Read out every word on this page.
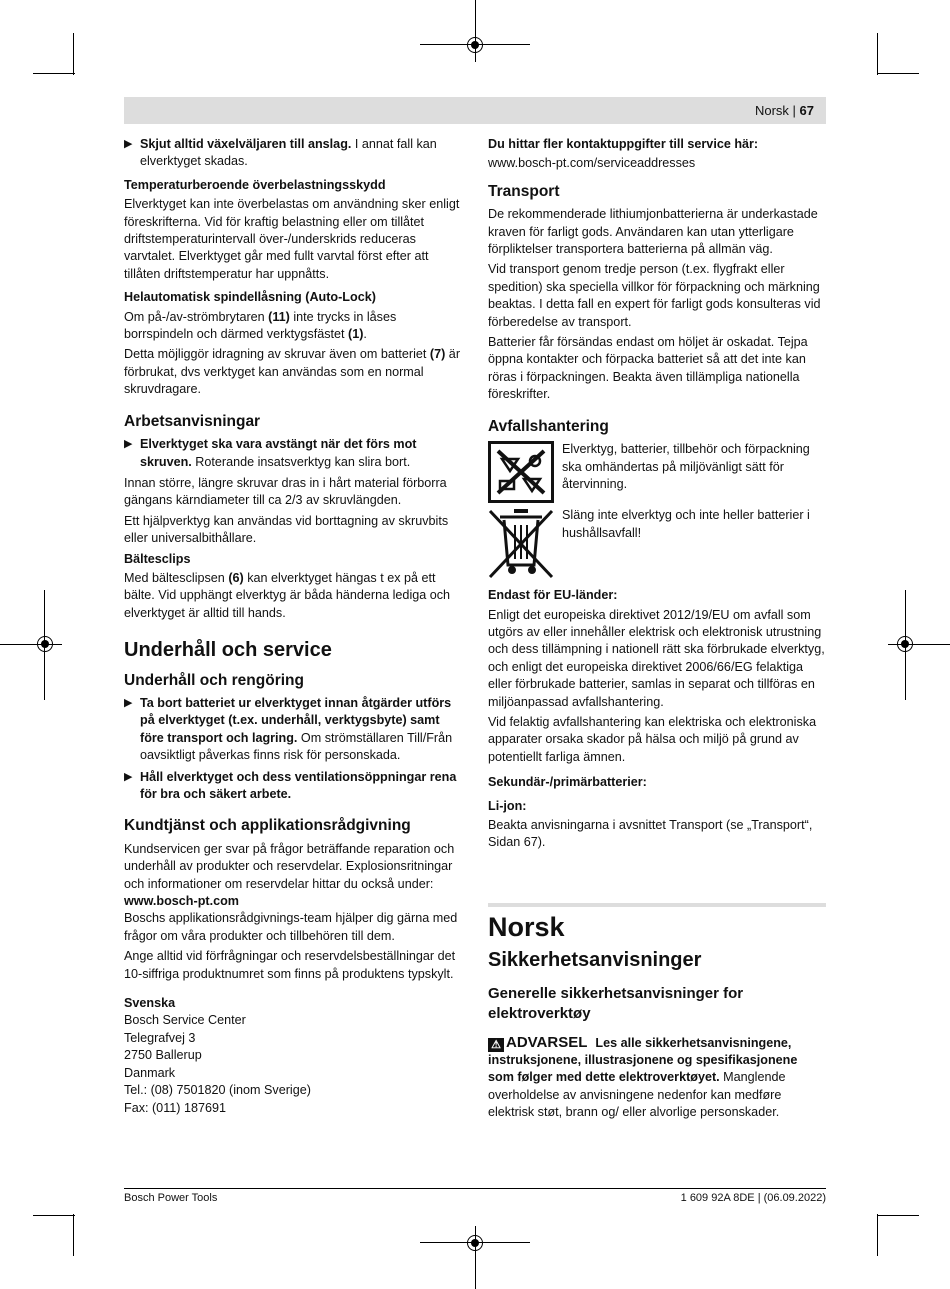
Norsk | 67
▶ Skjut alltid växelväljaren till anslag. I annat fall kan elverktyget skadas.
Temperaturberoende överbelastningsskydd

Elverktyget kan inte överbelastas om användning sker enligt föreskrifterna. Vid för kraftig belastning eller om tillåtet driftstemperaturintervall över-/underskrids reduceras varvtalet. Elverktyget går med fullt varvtal först efter att tillåten driftstemperatur har uppnåtts.

Helautomatisk spindellåsning (Auto-Lock)

Om på-/av-strömbrytaren (11) inte trycks in låses borrspindeln och därmed verktygsfästet (1).

Detta möjliggör idragning av skruvar även om batteriet (7) är förbrukat, dvs verktyget kan användas som en normal skruvdragare.

Arbetsanvisningar
▶ Elverktyget ska vara avstängt när det förs mot skruven. Roterande insatsverktyg kan slira bort.

Innan större, längre skruvar dras in i hårt material förborra gängans kärndiameter till ca 2/3 av skruvlängden.

Ett hjälpverktyg kan användas vid borttagning av skruvbits eller universalbithållare.

Bältesclips

Med bältesclipsen (6) kan elverktyget hängas t ex på ett bälte. Vid upphängt elverktyg är båda händerna lediga och elverktyget är alltid till hands.

Underhåll och service
Underhåll och rengöring
▶ Ta bort batteriet ur elverktyget innan åtgärder utförs på elverktyget (t.ex. underhåll, verktygsbyte) samt före transport och lagring. Om strömställaren Till/Från oavsiktligt påverkas finns risk för personskada.
▶ Håll elverktyget och dess ventilationsöppningar rena för bra och säkert arbete.
Kundtjänst och applikationsrådgivning

Kundservicen ger svar på frågor beträffande reparation och underhåll av produkter och reservdelar. Explosionsritningar och informationer om reservdelar hittar du också under:

www.bosch-pt.com

Boschs applikationsrådgivnings-team hjälper dig gärna med frågor om våra produkter och tillbehören till dem.

Ange alltid vid förfrågningar och reservdelsbeställningar det 10-siffriga produktnumret som finns på produktens typskylt.

Svenska
Bosch Service Center
Telegrafvej 3
2750 Ballerup
Danmark
Tel.: (08) 7501820 (inom Sverige)
Fax: (011) 187691

Du hittar fler kontaktuppgifter till service här:

www.bosch-pt.com/serviceaddresses

Transport

De rekommenderade lithiumjonbatterierna är underkastade kraven för farligt gods. Användaren kan utan ytterligare förpliktelser transportera batterierna på allmän väg.

Vid transport genom tredje person (t.ex. flygfrakt eller spedition) ska speciella villkor för förpackning och märkning beaktas. I detta fall en expert för farligt gods konsulteras vid förberedelse av transport.

Batterier får försändas endast om höljet är oskadat. Tejpa öppna kontakter och förpacka batteriet så att det inte kan röras i förpackningen. Beakta även tillämpliga nationella föreskrifter.

Avfallshantering

Elverktyg, batterier, tillbehör och förpackning ska omhändertas på miljövänligt sätt för återvinning.

Släng inte elverktyg och inte heller batterier i hushållsavfall!

Endast för EU-länder:

Enligt det europeiska direktivet 2012/19/EU om avfall som utgörs av eller innehåller elektrisk och elektronisk utrustning och dess tillämpning i nationell rätt ska förbrukade elverktyg, och enligt det europeiska direktivet 2006/66/EG felaktiga eller förbrukade batterier, samlas in separat och tillföras en miljöanpassad avfallshantering.

Vid felaktig avfallshantering kan elektriska och elektroniska apparater orsaka skador på hälsa och miljö på grund av potentiellt farliga ämnen.

Sekundär-/primärbatterier:
Li-jon:

Beakta anvisningarna i avsnittet Transport (se „Transport“, Sidan 67).

Norsk
Sikkerhetsanvisninger
Generelle sikkerhetsanvisninger for elektroverktøy

⚠ ADVARSEL Les alle sikkerhetsanvisningene, instruksjonene, illustrasjonene og spesifikasjonene som følger med dette elektroverktøyet. Manglende overholdelse av anvisningene nedenfor kan medføre elektrisk støt, brann og/ eller alvorlige personskader.

Bosch Power Tools	1 609 92A 8DE | (06.09.2022)
